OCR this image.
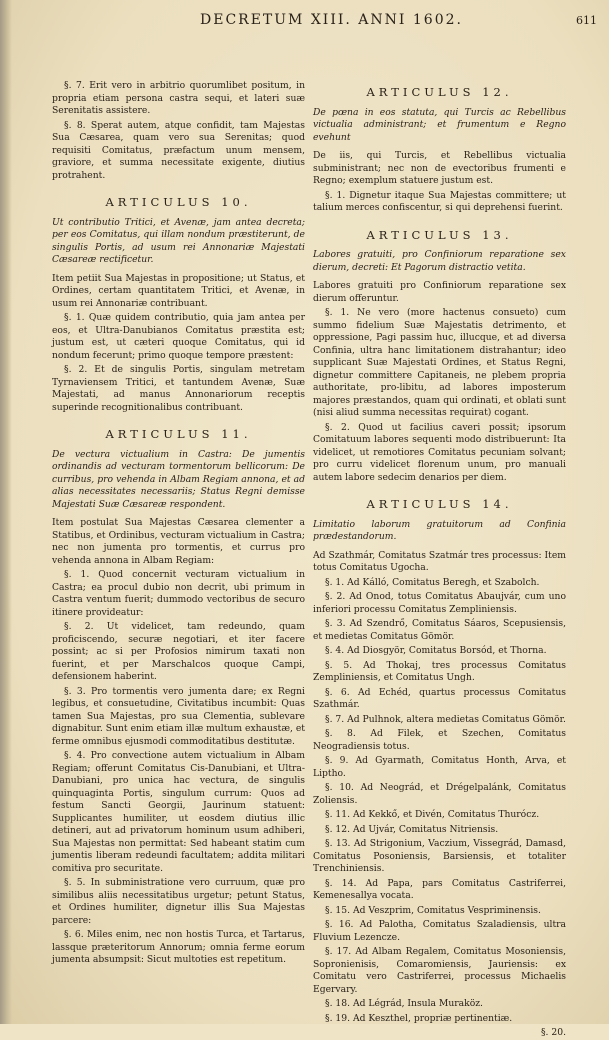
DECRETUM XIII. ANNI 1602.	611

§. 7. Erit vero in arbitrio quorumlibet positum, in propria etiam persona castra sequi, et lateri suæ Serenitatis assistere.

§. 8. Sperat autem, atque confidit, tam Majestas Sua Cæsarea, quam vero sua Serenitas; quod requisiti Comitatus, præfactum unum mensem, graviore, et summa necessitate exigente, diutius protrahent.

ARTICULUS 10.

Ut contributio Tritici, et Avenæ, jam antea decreta; per eos Comitatus, qui illam nondum præstiterunt, de singulis Portis, ad usum rei Annonariæ Majestati Cæsareæ rectificetur.

Item petiit Sua Majestas in propositione; ut Status, et Ordines, certam quantitatem Tritici, et Avenæ, in usum rei Annonariæ contribuant.

§. 1. Quæ quidem contributio, quia jam antea per eos, et Ultra-Danubianos Comitatus præstita est; justum est, ut cæteri quoque Comitatus, qui id nondum fecerunt; primo quoque tempore præstent:

§. 2. Et de singulis Portis, singulam metretam Tyrnaviensem Tritici, et tantundem Avenæ, Suæ Majestati, ad manus Annonariorum receptis superinde recognitionalibus contribuant.

ARTICULUS 11.

De vectura victualium in Castra: De jumentis ordinandis ad vecturam tormentorum bellicorum: De curribus, pro vehenda in Albam Regiam annona, et ad alias necessitates necessariis; Status Regni demisse Majestati Suæ Cæsareæ respondent.

Item postulat Sua Majestas Cæsarea clementer a Statibus, et Ordinibus, vecturam victualium in Castra; nec non jumenta pro tormentis, et currus pro vehenda annona in Albam Regiam:

§. 1. Quod concernit vecturam victualium in Castra; ea procul dubio non decrit, ubi primum in Castra ventum fuerit; dummodo vectoribus de securo itinere provideatur:

§. 2. Ut videlicet, tam redeundo, quam proficiscendo, securæ negotiari, et iter facere possint; ac si per Profosios nimirum taxati non fuerint, et per Marschalcos quoque Campi, defensionem haberint.

§. 3. Pro tormentis vero jumenta dare; ex Regni legibus, et consuetudine, Civitatibus incumbit: Quas tamen Sua Majestas, pro sua Clementia, sublevare dignabitur. Sunt enim etiam illæ multum exhaustæ, et ferme omnibus ejusmodi commoditatibus destitutæ.

§. 4. Pro convectione autem victualium in Albam Regiam; offerunt Comitatus Cis-Danubiani, et Ultra-Danubiani, pro unica hac vectura, de singulis quinquaginta Portis, singulum currum: Quos ad festum Sancti Georgii, Jaurinum statuent: Supplicantes humiliter, ut eosdem diutius illic detineri, aut ad privatorum hominum usum adhiberi, Sua Majestas non permittat: Sed habeant statim cum jumentis liberam redeundi facultatem; addita militari comitiva pro securitate.

§. 5. In subministratione vero curruum, quæ pro similibus aliis necessitatibus urgetur; petunt Status, et Ordines humiliter, dignetur illis Sua Majestas parcere:

§. 6. Miles enim, nec non hostis Turca, et Tartarus, lassque præteritorum Annorum; omnia ferme eorum jumenta absumpsit: Sicut multoties est repetitum.

ARTICULUS 12.

De pœna in eos statuta, qui Turcis ac Rebellibus victualia administrant; et frumentum e Regno evehunt

De iis, qui Turcis, et Rebellibus victualia subministrant; nec non de evectoribus frumenti e Regno; exemplum statuere justum est.

§. 1. Dignetur itaque Sua Majestas committere; ut talium merces confiscentur, si qui deprehensi fuerint.

ARTICULUS 13.

Labores gratuiti, pro Confiniorum reparatione sex dierum, decreti: Et Pagorum distractio vetita.

Labores gratuiti pro Confiniorum reparatione sex dierum offeruntur.

§. 1. Ne vero (more hactenus consueto) cum summo fidelium Suæ Majestatis detrimento, et oppressione, Pagi passim huc, illucque, et ad diversa Confinia, ultra hanc limitationem distrahantur; ideo supplicant Suæ Majestati Ordines, et Status Regni, dignetur committere Capitaneis, ne plebem propria authoritate, pro-libitu, ad labores imposterum majores præstandos, quam qui ordinati, et oblati sunt (nisi aliud summa necessitas requirat) cogant.

§. 2. Quod ut facilius caveri possit; ipsorum Comitatuum labores sequenti modo distribuerunt: Ita videlicet, ut remotiores Comitatus pecuniam solvant; pro curru videlicet florenum unum, pro manuali autem labore sedecim denarios per diem.

ARTICULUS 14.

Limitatio laborum gratuitorum ad Confinia prædestandorum.

Ad Szathmár, Comitatus Szatmár tres processus: Item totus Comitatus Ugocha.

§. 1. Ad Kálló, Comitatus Beregh, et Szabolch.

§. 2. Ad Onod, totus Comitatus Abaujvár, cum uno inferiori processu Comitatus Zempliniensis.

§. 3. Ad Szendrő, Comitatus Sáaros, Scepusiensis, et medietas Comitatus Gömör.

§. 4. Ad Diosgyör, Comitatus Borsód, et Thorna.

§. 5. Ad Thokaj, tres processus Comitatus Zempliniensis, et Comitatus Ungh.

§. 6. Ad Echéd, quartus processus Comitatus Szathmár.

§. 7. Ad Pulhnok, altera medietas Comitatus Gömör.

§. 8. Ad Filek, et Szechen, Comitatus Neogradiensis totus.

§. 9. Ad Gyarmath, Comitatus Honth, Arva, et Liptho.

§. 10. Ad Neográd, et Drégelpalánk, Comitatus Zoliensis.

§. 11. Ad Kekkő, et Divén, Comitatus Thurócz.

§. 12. Ad Ujvár, Comitatus Nitriensis.

§. 13. Ad Strigonium, Vaczium, Vissegrád, Damasd, Comitatus Posoniensis, Barsiensis, et totaliter Trenchiniensis.

§. 14. Ad Papa, pars Comitatus Castriferrei, Kemenesallya vocata.

§. 15. Ad Veszprim, Comitatus Vespriminensis.

§. 16. Ad Palotha, Comitatus Szaladiensis, ultra Fluvium Lezencze.

§. 17. Ad Albam Regalem, Comitatus Mosoniensis, Sopronienisis, Comaromiensis, Jauriensis: ex Comitatu vero Castriferrei, processus Michaelis Egervary.

§. 18. Ad Légrád, Insula Muraköz.

§. 19. Ad Keszthel, propriæ pertinentiæ.

§. 20.
